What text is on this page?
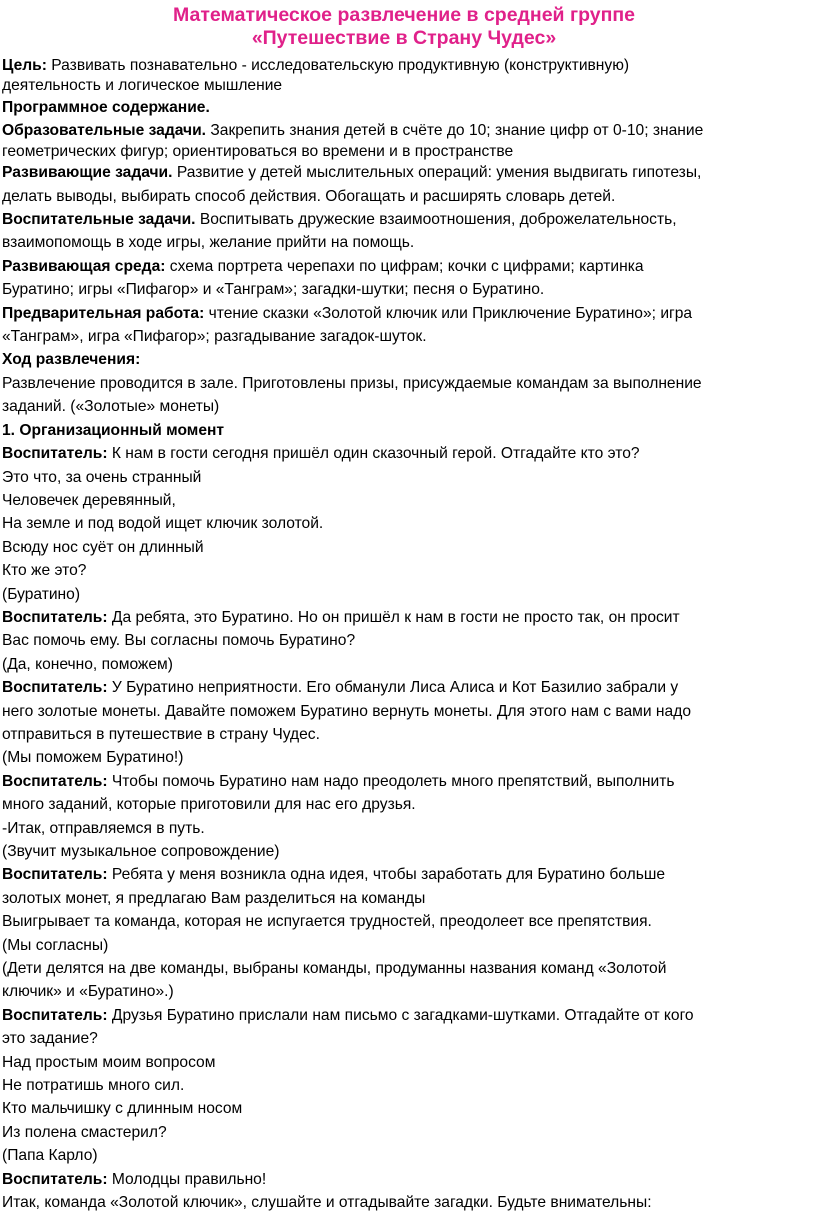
Математическое развлечение в средней группе
«Путешествие в Страну Чудес»
Цель: Развивать познавательно - исследовательскую продуктивную (конструктивную)
деятельность и логическое мышление
Программное содержание.
Образовательные задачи. Закрепить знания детей в счёте до 10; знание цифр от 0-10; знание
геометрических фигур; ориентироваться во времени и в пространстве
Развивающие задачи. Развитие у детей мыслительных операций: умения выдвигать гипотезы,
делать выводы, выбирать способ действия. Обогащать и расширять словарь детей.
Воспитательные задачи. Воспитывать дружеские взаимоотношения, доброжелательность,
взаимопомощь в ходе игры, желание прийти на помощь.
Развивающая среда: схема портрета черепахи по цифрам; кочки с цифрами; картинка
Буратино; игры «Пифагор» и «Танграм»; загадки-шутки; песня о Буратино.
Предварительная работа: чтение сказки «Золотой ключик или Приключение Буратино»; игра
«Танграм», игра «Пифагор»; разгадывание загадок-шуток.
Ход развлечения:
Развлечение проводится в зале. Приготовлены призы, присуждаемые командам за выполнение
заданий. («Золотые» монеты)
1. Организационный момент
Воспитатель: К нам в гости сегодня пришёл один сказочный герой. Отгадайте кто это?
Это что, за очень странный
Человечек деревянный,
На земле и под водой ищет ключик золотой.
Всюду нос суёт он длинный
Кто же это?
(Буратино)
Воспитатель: Да ребята, это Буратино. Но он пришёл к нам в гости не просто так, он просит
Вас помочь ему. Вы согласны помочь Буратино?
(Да, конечно, поможем)
Воспитатель: У Буратино неприятности. Его обманули Лиса Алиса и Кот Базилио забрали у
него золотые монеты. Давайте поможем Буратино вернуть монеты. Для этого нам с вами надо
отправиться в путешествие в страну Чудес.
(Мы поможем Буратино!)
Воспитатель: Чтобы помочь Буратино нам надо преодолеть много препятствий, выполнить
много заданий, которые приготовили для нас его друзья.
-Итак, отправляемся в путь.
(Звучит музыкальное сопровождение)
Воспитатель: Ребята у меня возникла одна идея, чтобы заработать для Буратино больше
золотых монет, я предлагаю Вам разделиться на команды
Выигрывает та команда, которая не испугается трудностей, преодолеет все препятствия.
(Мы согласны)
(Дети делятся на две команды, выбраны команды, продуманны названия команд «Золотой
ключик» и «Буратино».)
Воспитатель: Друзья Буратино прислали нам письмо с загадками-шутками. Отгадайте от кого
это задание?
Над простым моим вопросом
Не потратишь много сил.
Кто мальчишку с длинным носом
Из полена смастерил?
(Папа Карло)
Воспитатель: Молодцы правильно!
Итак, команда «Золотой ключик», слушайте и отгадывайте загадки. Будьте внимательны:
